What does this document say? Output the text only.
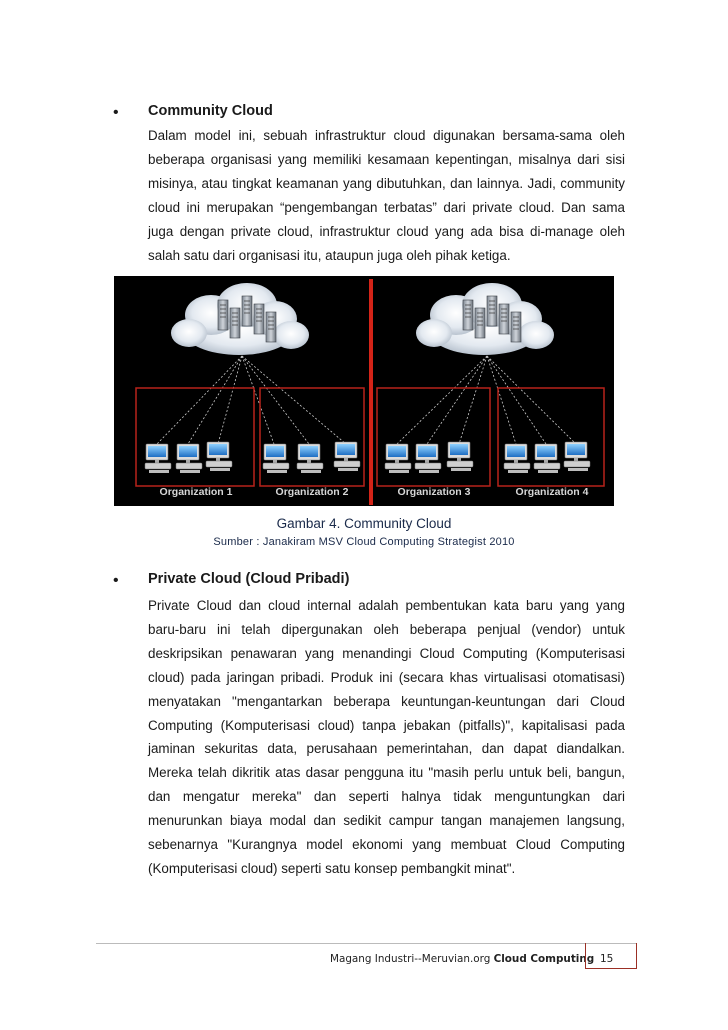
• Community Cloud

Dalam model ini, sebuah infrastruktur cloud digunakan bersama-sama oleh beberapa organisasi yang memiliki kesamaan kepentingan, misalnya dari sisi misinya, atau tingkat keamanan yang dibutuhkan, dan lainnya. Jadi, community cloud ini merupakan “pengembangan terbatas” dari private cloud. Dan sama juga dengan private cloud, infrastruktur cloud yang ada bisa di-manage oleh salah satu dari organisasi itu, ataupun juga oleh pihak ketiga.

Organization 1	Organization 2	Organization 3	Organization 4

Gambar 4. Community Cloud

Sumber : Janakiram MSV Cloud Computing Strategist 2010

• Private Cloud (Cloud Pribadi)

Private Cloud dan cloud internal adalah pembentukan kata baru yang yang baru-baru ini telah dipergunakan oleh beberapa penjual (vendor) untuk deskripsikan penawaran yang menandingi Cloud Computing (Komputerisasi cloud) pada jaringan pribadi. Produk ini (secara khas virtualisasi otomatisasi) menyatakan "mengantarkan beberapa keuntungan-keuntungan dari Cloud Computing (Komputerisasi cloud) tanpa jebakan (pitfalls)", kapitalisasi pada jaminan sekuritas data, perusahaan pemerintahan, dan dapat diandalkan. Mereka telah dikritik atas dasar pengguna itu "masih perlu untuk beli, bangun, dan mengatur mereka" dan seperti halnya tidak menguntungkan dari menurunkan biaya modal dan sedikit campur tangan manajemen langsung, sebenarnya "Kurangnya model ekonomi yang membuat Cloud Computing (Komputerisasi cloud) seperti satu konsep pembangkit minat".

Magang Industri--Meruvian.org Cloud Computing 15
